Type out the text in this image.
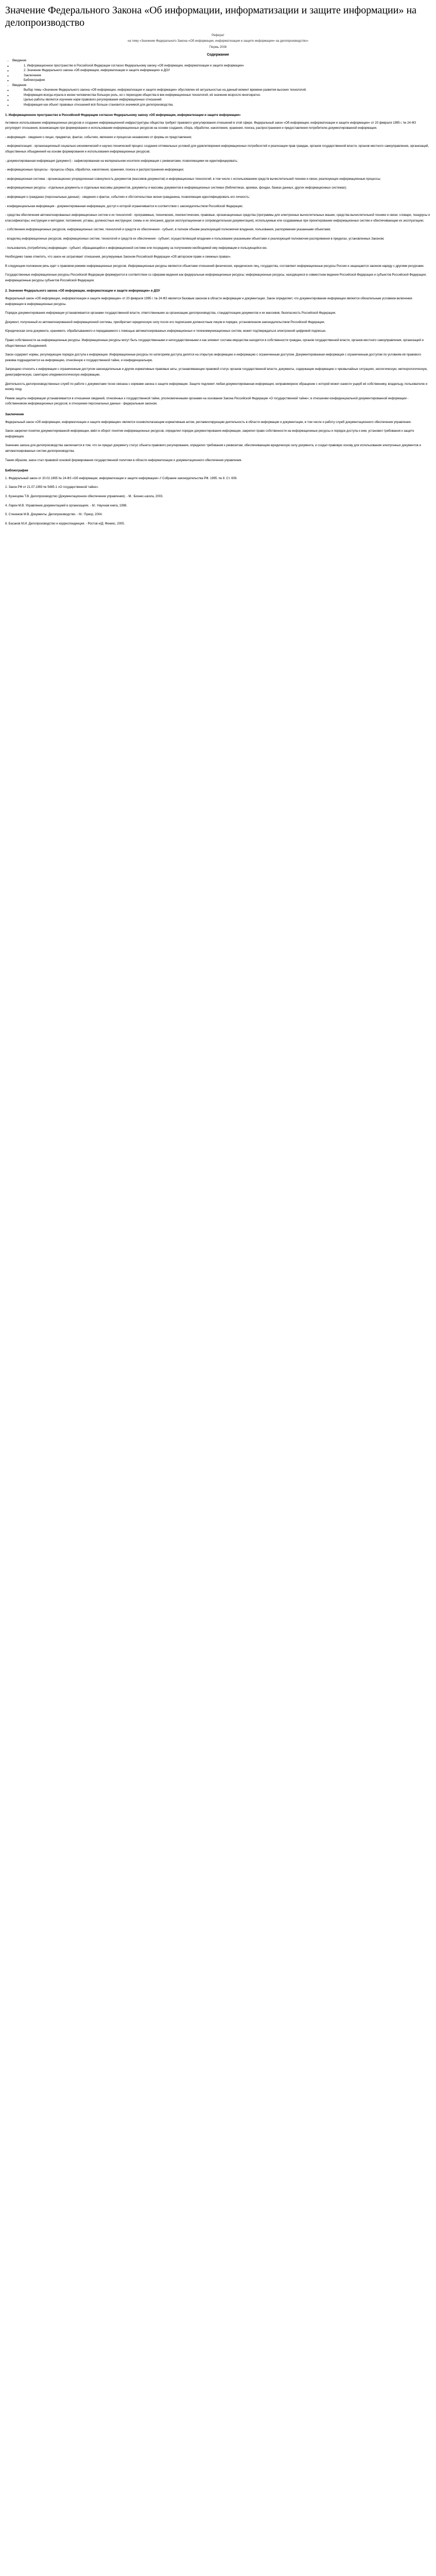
Значение Федерального Закона «Об информации, информатизации и защите информации» на делопроизводство
Реферат
на тему «Значение Федерального Закона «Об информации, информатизации и защите информации» на делопроизводство»
Пермь 2008
Содержание
• Введение
◦ 1. Информационное пространство в Российской Федерации согласно Федеральному закону «Об информации, информатизации и защите информации»
◦ 2. Значение Федерального закона «Об информации, информатизации и защите информации» в ДОУ
◦ Заключение
◦ Библиография
• Введение
◦ Выбор темы «Значение Федерального закона «Об информации, информатизации и защите информации» обусловлен её актуальностью на данный момент времени развития высоких технологий.
◦ Информация всегда играла в жизни человечества большую роль, но с переходом общества в век информационных технологий, её значение возросло многократно.
◦ Целью работы является изучение норм правового регулирования информационных отношений.
◦ Информация как объект правовых отношений всё больше становится значимой для делопроизводства.
1. Информационное пространство в Российской Федерации согласно Федеральному закону «Об информации, информатизации и защите информации»

Активное использование информационных ресурсов и создание информационной инфраструктуры общества требуют правового урегулирования отношений в этой сфере. Федеральный закон «Об информации, информатизации и защите информации» от 20 февраля 1995 г. № 24-ФЗ регулирует отношения, возникающие при формировании и использовании информационных ресурсов на основе создания, сбора, обработки, накопления, хранения, поиска, распространения и предоставления потребителю документированной информации.

- информация - сведения о лицах, предметах, фактах, событиях, явлениях и процессах независимо от формы их представления;

- информатизация - организационный социально-экономический и научно-технический процесс создания оптимальных условий для удовлетворения информационных потребностей и реализации прав граждан, органов государственной власти, органов местного самоуправления, организаций, общественных объединений на основе формирования и использования информационных ресурсов;

- документированная информация (документ) - зафиксированная на материальном носителе информация с реквизитами, позволяющими ее идентифицировать;

- информационные процессы - процессы сбора, обработки, накопления, хранения, поиска и распространения информации;

- информационная система - организационно упорядоченная совокупность документов (массивов документов) и информационных технологий, в том числе с использованием средств вычислительной техники и связи, реализующих информационные процессы;

- информационные ресурсы - отдельные документы и отдельные массивы документов, документы и массивы документов в информационных системах (библиотеках, архивах, фондах, банках данных, других информационных системах);

- информация о гражданах (персональные данные) - сведения о фактах, событиях и обстоятельствах жизни гражданина, позволяющие идентифицировать его личность;

- конфиденциальная информация - документированная информация, доступ к которой ограничивается в соответствии с законодательством Российской Федерации;

- средства обеспечения автоматизированных информационных систем и их технологий - программные, технические, лингвистические, правовые, организационные средства (программы для электронных вычислительных машин; средства вычислительной техники и связи; словари, тезаурусы и классификаторы; инструкции и методики; положения, уставы, должностные инструкции; схемы и их описания, другая эксплуатационная и сопроводительная документация), используемые или создаваемые при проектировании информационных систем и обеспечивающие их эксплуатацию;

- собственник информационных ресурсов, информационных систем, технологий и средств их обеспечения - субъект, в полном объеме реализующий полномочия владения, пользования, распоряжения указанными объектами;

- владелец информационных ресурсов, информационных систем, технологий и средств их обеспечения - субъект, осуществляющий владение и пользование указанными объектами и реализующий полномочия распоряжения в пределах, установленных Законом;

- пользователь (потребитель) информации - субъект, обращающийся к информационной системе или посреднику за получением необходимой ему информации и пользующийся ею.

Необходимо также отметить, что закон не затрагивает отношения, регулируемые Законом Российской Федерации «Об авторском праве и смежных правах».

В следующем положении речь идет о правовом режиме информационных ресурсов. Информационные ресурсы являются объектами отношений физических, юридических лиц, государства, составляют информационные ресурсы России и защищаются законом наряду с другими ресурсами.

Государственные информационные ресурсы Российской Федерации формируются в соответствии со сферами ведения как федеральные информационные ресурсы; информационные ресурсы, находящиеся в совместном ведении Российской Федерации и субъектов Российской Федерации; информационные ресурсы субъектов Российской Федерации.

2. Значение Федерального закона «Об информации, информатизации и защите информации» в ДОУ

Федеральный закон «Об информации, информатизации и защите информации» от 20 февраля 1995 г. № 24-ФЗ является базовым законом в области информации и документации. Закон определяет, что документирование информации является обязательным условием включения информации в информационные ресурсы.

Порядок документирования информации устанавливается органами государственной власти, ответственными за организацию делопроизводства, стандартизацию документов и их массивов, безопасность Российской Федерации.

Документ, полученный из автоматизированной информационной системы, приобретает юридическую силу после его подписания должностным лицом в порядке, установленном законодательством Российской Федерации.

Юридическая сила документа, хранимого, обрабатываемого и передаваемого с помощью автоматизированных информационных и телекоммуникационных систем, может подтверждаться электронной цифровой подписью.

Право собственности на информационные ресурсы. Информационные ресурсы могут быть государственными и негосударственными и как элемент состава имущества находятся в собственности граждан, органов государственной власти, органов местного самоуправления, организаций и общественных объединений.

Закон содержит нормы, регулирующие порядок доступа к информации. Информационные ресурсы по категориям доступа делятся на открытую информацию и информацию с ограниченным доступом. Документированная информация с ограниченным доступом по условиям её правового режима подразделяется на информацию, отнесённую к государственной тайне, и конфиденциальную.

Запрещено относить к информации с ограниченным доступом законодательные и другие нормативные правовые акты, устанавливающие правовой статус органов государственной власти, документы, содержащие информацию о чрезвычайных ситуациях, экологическую, метеорологическую, демографическую, санитарно-эпидемиологическую информацию.

Деятельность делопроизводственных служб по работе с документами тесно связана с нормами закона о защите информации. Защите подлежит любая документированная информация, неправомерное обращение с которой может нанести ущерб её собственнику, владельцу, пользователю и иному лицу.

Режим защиты информации устанавливается в отношении сведений, отнесённых к государственной тайне, уполномоченными органами на основании Закона Российской Федерации «О государственной тайне»; в отношении конфиденциальной документированной информации - собственником информационных ресурсов; в отношении персональных данных - федеральным законом.

Заключение

Федеральный закон «Об информации, информатизации и защите информации» является основополагающим нормативным актом, регламентирующим деятельность в области информации и документации, в том числе и работу служб документационного обеспечения управления.

Закон закрепил понятие документированной информации, ввёл в оборот понятие информационных ресурсов, определил порядок документирования информации, закрепил право собственности на информационные ресурсы и порядок доступа к ним, установил требования к защите информации.

Значение закона для делопроизводства заключается в том, что он придал документу статус объекта правового регулирования, определил требования к реквизитам, обеспечивающим юридическую силу документа, и создал правовую основу для использования электронных документов и автоматизированных систем делопроизводства.

Таким образом, закон стал правовой основой формирования государственной политики в области информатизации и документационного обеспечения управления.

Библиография

1. Федеральный закон от 20.02.1995 № 24-ФЗ «Об информации, информатизации и защите информации» // Собрание законодательства РФ. 1995. № 8. Ст. 609.

2. Закон РФ от 21.07.1993 № 5485-1 «О государственной тайне».

3. Кузнецова Т.В. Делопроизводство (Документационное обеспечение управления). - М.: Бизнес-школа, 2003.

4. Ларин М.В. Управление документацией в организациях. - М.: Научная книга, 1998.

5. Стенюков М.В. Документы. Делопроизводство. - М.: Приор, 2004.

6. Басаков М.И. Делопроизводство и корреспонденция. - Ростов н/Д: Феникс, 2005.
